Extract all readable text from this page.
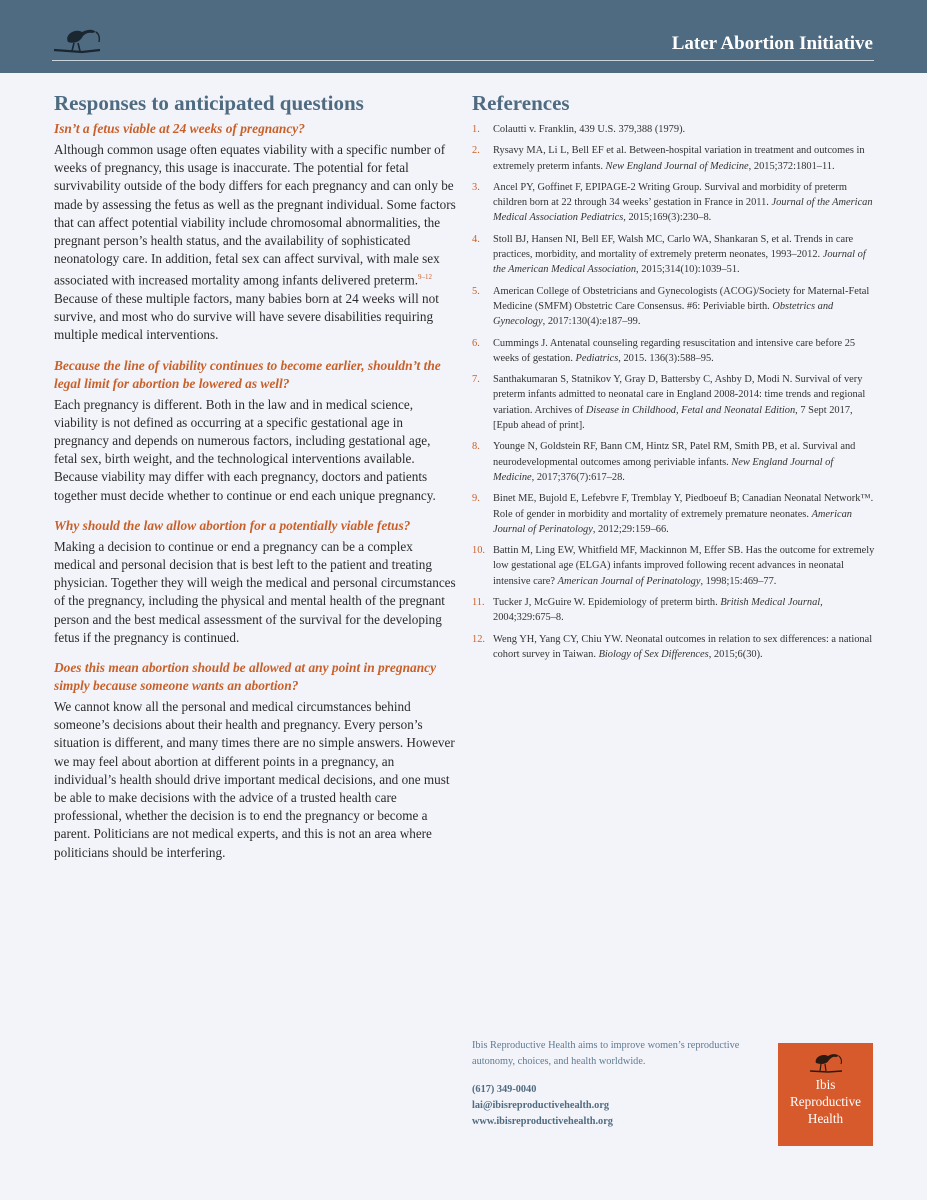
Later Abortion Initiative
Responses to anticipated questions
Isn’t a fetus viable at 24 weeks of pregnancy?

Although common usage often equates viability with a specific number of weeks of pregnancy, this usage is inaccurate. The potential for fetal survivability outside of the body differs for each pregnancy and can only be made by assessing the fetus as well as the pregnant individual. Some factors that can affect potential viability include chromosomal abnormalities, the pregnant person’s health status, and the availability of sophisticated neonatology care. In addition, fetal sex can affect survival, with male sex associated with increased mortality among infants delivered preterm.$^{9-12}$ Because of these multiple factors, many babies born at 24 weeks will not survive, and most who do survive will have severe disabilities requiring multiple medical interventions.

Because the line of viability continues to become earlier, shouldn’t the legal limit for abortion be lowered as well?

Each pregnancy is different. Both in the law and in medical science, viability is not defined as occurring at a specific gestational age in pregnancy and depends on numerous factors, including gestational age, fetal sex, birth weight, and the technological interventions available. Because viability may differ with each pregnancy, doctors and patients together must decide whether to continue or end each unique pregnancy.

Why should the law allow abortion for a potentially viable fetus?

Making a decision to continue or end a pregnancy can be a complex medical and personal decision that is best left to the patient and treating physician. Together they will weigh the medical and personal circumstances of the pregnancy, including the physical and mental health of the pregnant person and the best medical assessment of the survival for the developing fetus if the pregnancy is continued.

Does this mean abortion should be allowed at any point in pregnancy simply because someone wants an abortion?

We cannot know all the personal and medical circumstances behind someone’s decisions about their health and pregnancy. Every person’s situation is different, and many times there are no simple answers. However we may feel about abortion at different points in a pregnancy, an individual’s health should drive important medical decisions, and one must be able to make decisions with the advice of a trusted health care professional, whether the decision is to end the pregnancy or become a parent. Politicians are not medical experts, and this is not an area where politicians should be interfering.

References
1. Colautti v. Franklin, 439 U.S. 379,388 (1979).
2. Rysavy MA, Li L, Bell EF et al. Between-hospital variation in treatment and outcomes in extremely preterm infants. New England Journal of Medicine, 2015;372:1801–11.
3. Ancel PY, Goffinet F, EPIPAGE-2 Writing Group. Survival and morbidity of preterm children born at 22 through 34 weeks’ gestation in France in 2011. Journal of the American Medical Association Pediatrics, 2015;169(3):230–8.
4. Stoll BJ, Hansen NI, Bell EF, Walsh MC, Carlo WA, Shankaran S, et al. Trends in care practices, morbidity, and mortality of extremely preterm neonates, 1993–2012. Journal of the American Medical Association, 2015;314(10):1039–51.
5. American College of Obstetricians and Gynecologists (ACOG)/Society for Maternal-Fetal Medicine (SMFM) Obstetric Care Consensus. #6: Periviable birth. Obstetrics and Gynecology, 2017:130(4):e187–99.
6. Cummings J. Antenatal counseling regarding resuscitation and intensive care before 25 weeks of gestation. Pediatrics, 2015. 136(3):588–95.
7. Santhakumaran S, Statnikov Y, Gray D, Battersby C, Ashby D, Modi N. Survival of very preterm infants admitted to neonatal care in England 2008-2014: time trends and regional variation. Archives of Disease in Childhood, Fetal and Neonatal Edition, 7 Sept 2017, [Epub ahead of print].
8. Younge N, Goldstein RF, Bann CM, Hintz SR, Patel RM, Smith PB, et al. Survival and neurodevelopmental outcomes among periviable infants. New England Journal of Medicine, 2017;376(7):617–28.
9. Binet ME, Bujold E, Lefebvre F, Tremblay Y, Piedboeuf B; Canadian Neonatal Network™. Role of gender in morbidity and mortality of extremely premature neonates. American Journal of Perinatology, 2012;29:159–66.
10. Battin M, Ling EW, Whitfield MF, Mackinnon M, Effer SB. Has the outcome for extremely low gestational age (ELGA) infants improved following recent advances in neonatal intensive care? American Journal of Perinatology, 1998;15:469–77.
11. Tucker J, McGuire W. Epidemiology of preterm birth. British Medical Journal, 2004;329:675–8.
12. Weng YH, Yang CY, Chiu YW. Neonatal outcomes in relation to sex differences: a national cohort survey in Taiwan. Biology of Sex Differences, 2015;6(30).
Ibis Reproductive Health aims to improve women’s reproductive autonomy, choices, and health worldwide.
(617) 349-0040
lai@ibisreproductivehealth.org
www.ibisreproductivehealth.org
Ibis
Reproductive
Health
